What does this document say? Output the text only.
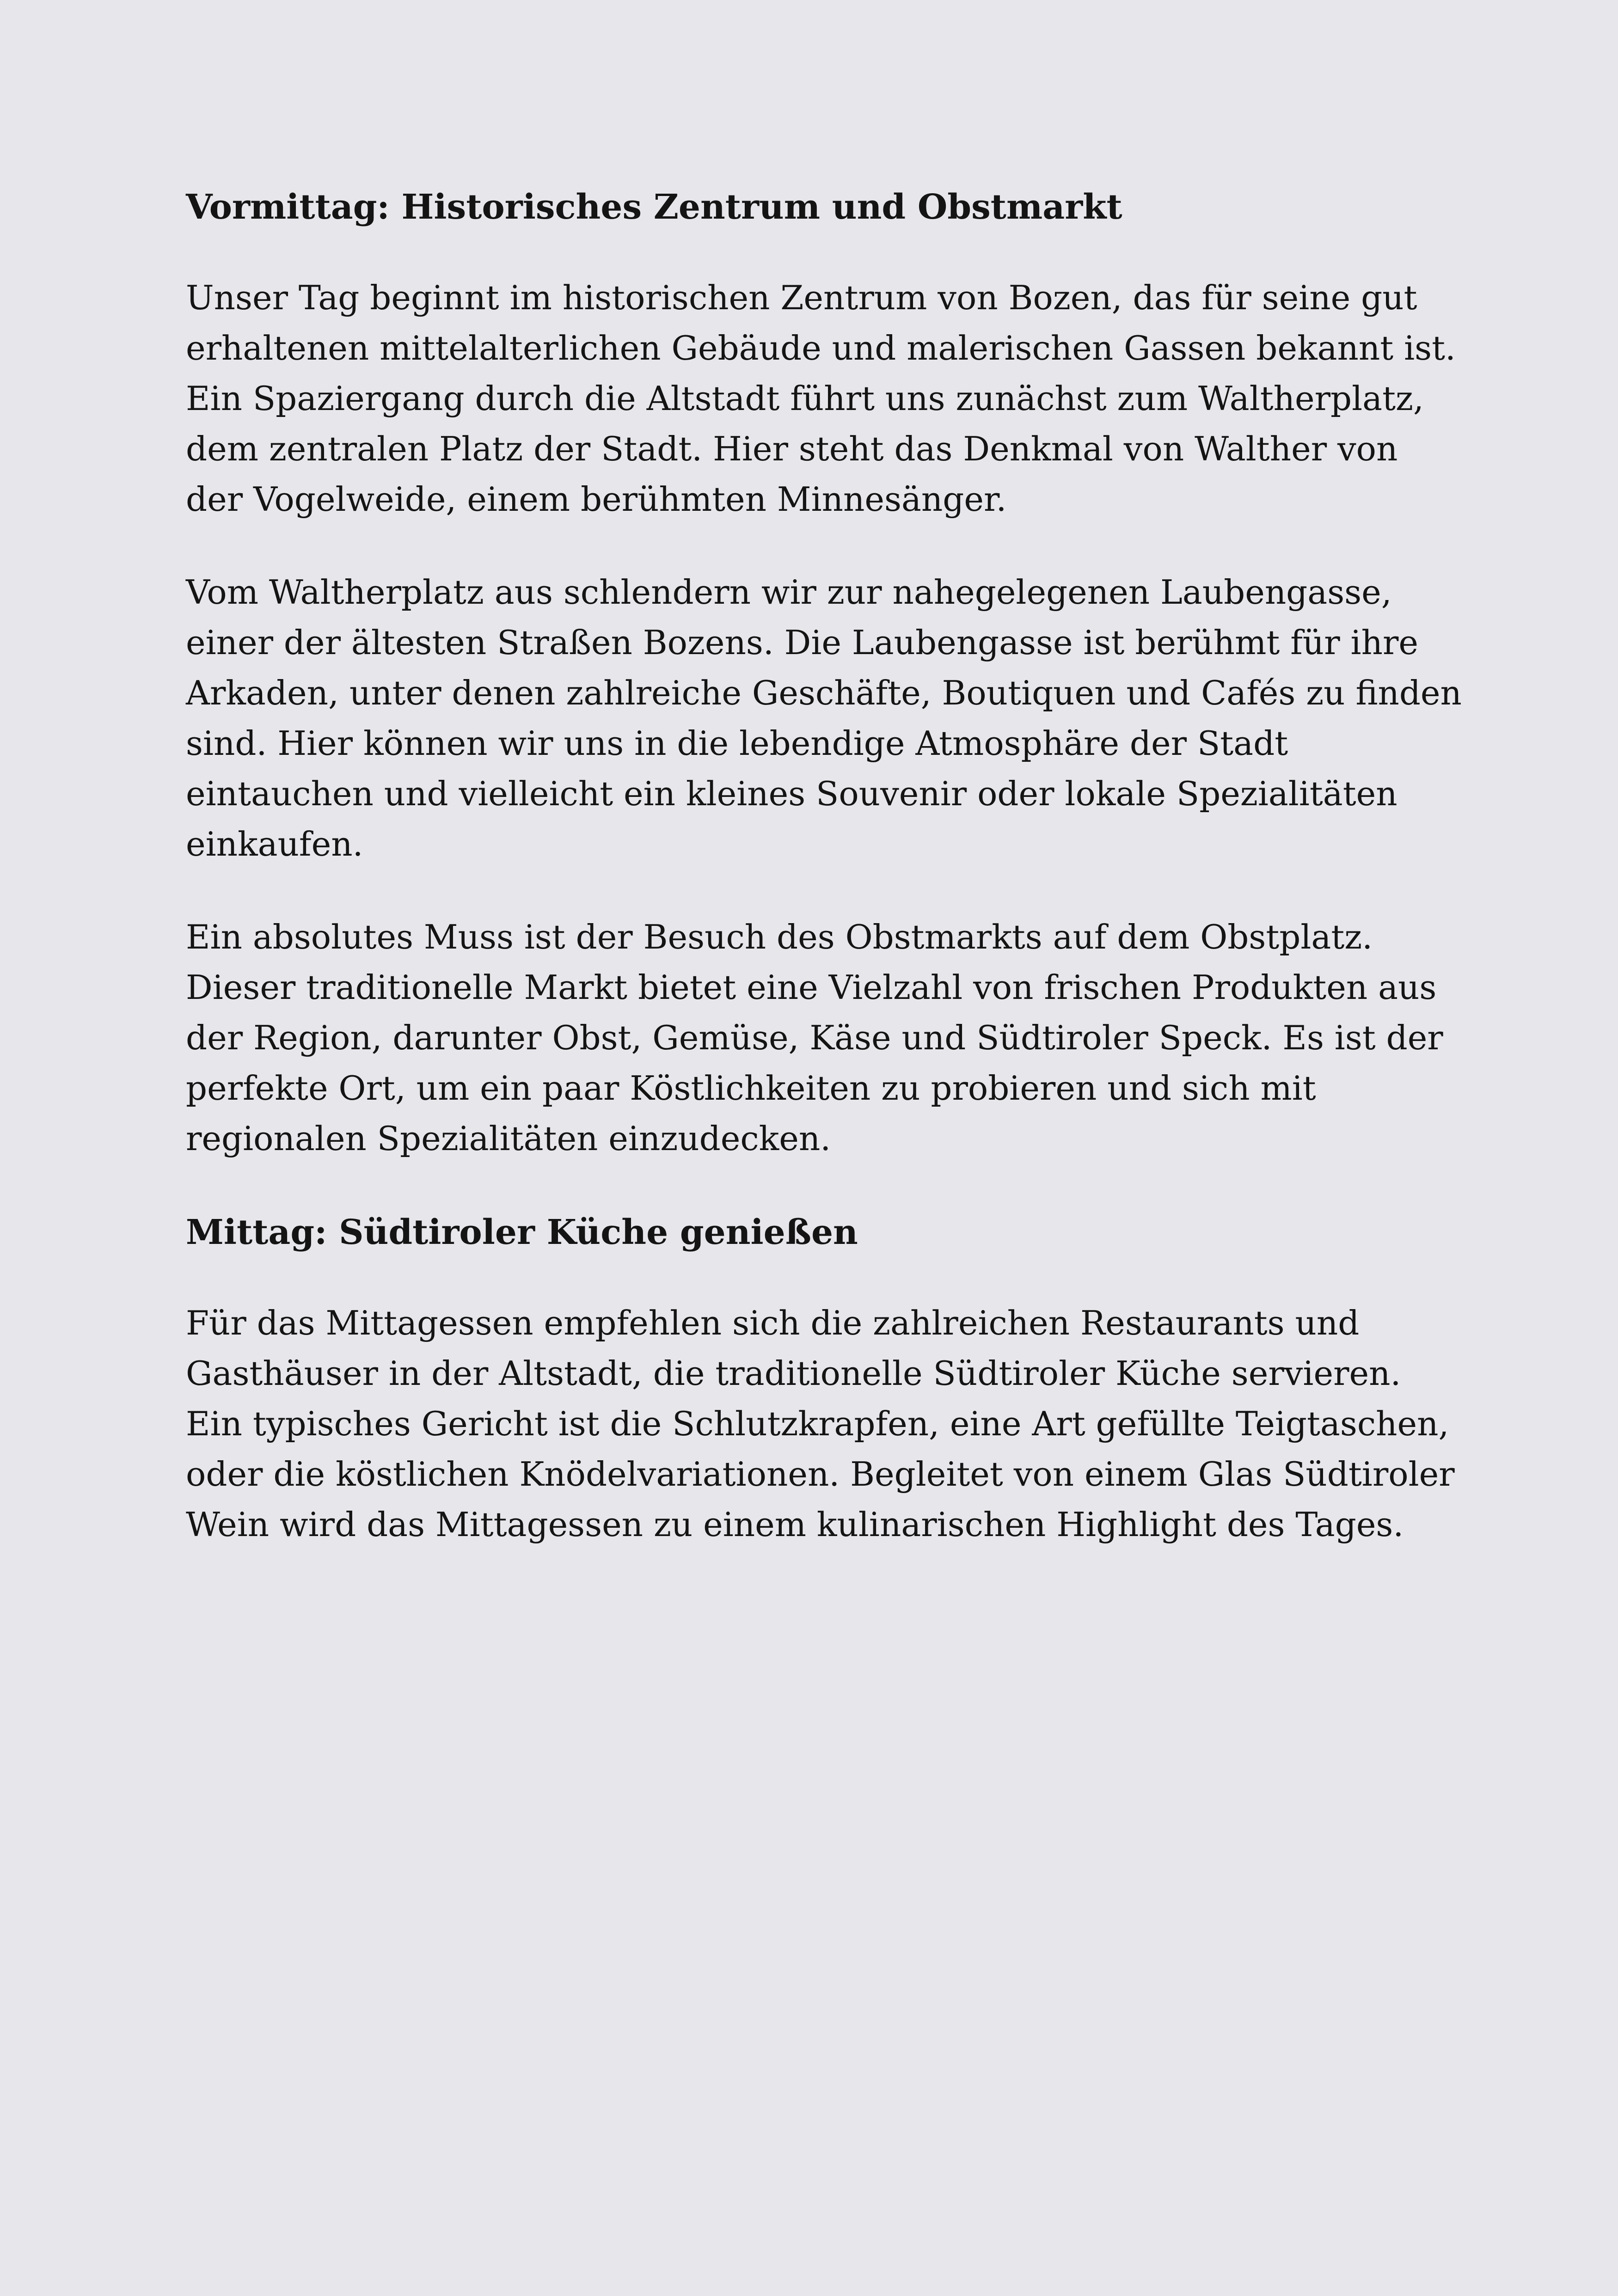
Vormittag: Historisches Zentrum und Obstmarkt

Unser Tag beginnt im historischen Zentrum von Bozen, das für seine gut erhaltenen mittelalterlichen Gebäude und malerischen Gassen bekannt ist. Ein Spaziergang durch die Altstadt führt uns zunächst zum Waltherplatz, dem zentralen Platz der Stadt. Hier steht das Denkmal von Walther von der Vogelweide, einem berühmten Minnesänger.

Vom Waltherplatz aus schlendern wir zur nahegelegenen Laubengasse, einer der ältesten Straßen Bozens. Die Laubengasse ist berühmt für ihre Arkaden, unter denen zahlreiche Geschäfte, Boutiquen und Cafés zu finden sind. Hier können wir uns in die lebendige Atmosphäre der Stadt eintauchen und vielleicht ein kleines Souvenir oder lokale Spezialitäten einkaufen.

Ein absolutes Muss ist der Besuch des Obstmarkts auf dem Obstplatz. Dieser traditionelle Markt bietet eine Vielzahl von frischen Produkten aus der Region, darunter Obst, Gemüse, Käse und Südtiroler Speck. Es ist der perfekte Ort, um ein paar Köstlichkeiten zu probieren und sich mit regionalen Spezialitäten einzudecken.

Mittag: Südtiroler Küche genießen

Für das Mittagessen empfehlen sich die zahlreichen Restaurants und Gasthäuser in der Altstadt, die traditionelle Südtiroler Küche servieren. Ein typisches Gericht ist die Schlutzkrapfen, eine Art gefüllte Teigtaschen, oder die köstlichen Knödelvariationen. Begleitet von einem Glas Südtiroler Wein wird das Mittagessen zu einem kulinarischen Highlight des Tages.
